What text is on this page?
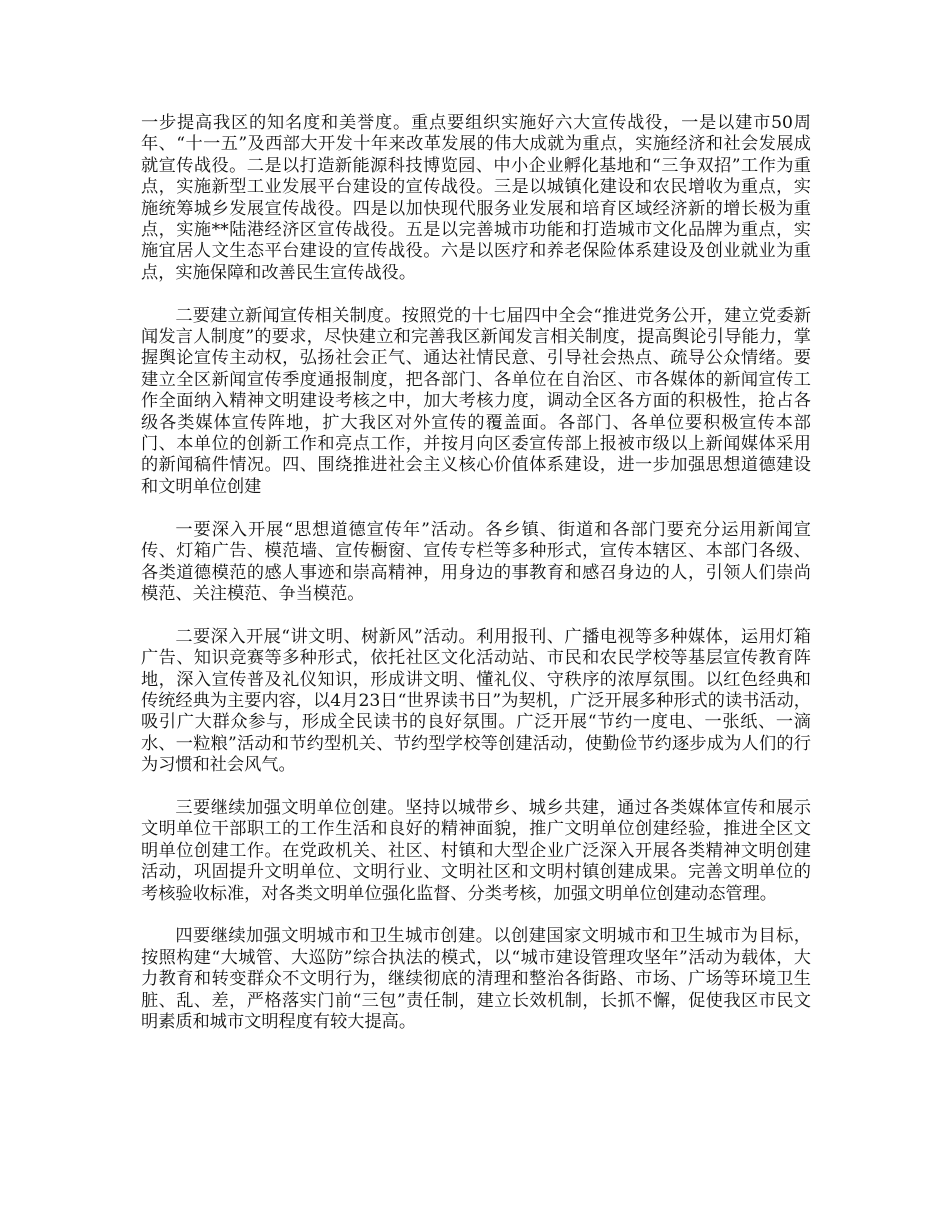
一步提高我区的知名度和美誉度。重点要组织实施好六大宣传战役，一是以建市50周年、“十一五”及西部大开发十年来改革发展的伟大成就为重点，实施经济和社会发展成就宣传战役。二是以打造新能源科技博览园、中小企业孵化基地和“三争双招”工作为重点，实施新型工业发展平台建设的宣传战役。三是以城镇化建设和农民增收为重点，实施统筹城乡发展宣传战役。四是以加快现代服务业发展和培育区域经济新的增长极为重点，实施**陆港经济区宣传战役。五是以完善城市功能和打造城市文化品牌为重点，实施宜居人文生态平台建设的宣传战役。六是以医疗和养老保险体系建设及创业就业为重点，实施保障和改善民生宣传战役。

二要建立新闻宣传相关制度。按照党的十七届四中全会“推进党务公开，建立党委新闻发言人制度”的要求，尽快建立和完善我区新闻发言相关制度，提高舆论引导能力，掌握舆论宣传主动权，弘扬社会正气、通达社情民意、引导社会热点、疏导公众情绪。要建立全区新闻宣传季度通报制度，把各部门、各单位在自治区、市各媒体的新闻宣传工作全面纳入精神文明建设考核之中，加大考核力度，调动全区各方面的积极性，抢占各级各类媒体宣传阵地，扩大我区对外宣传的覆盖面。各部门、各单位要积极宣传本部门、本单位的创新工作和亮点工作，并按月向区委宣传部上报被市级以上新闻媒体采用的新闻稿件情况。四、围绕推进社会主义核心价值体系建设，进一步加强思想道德建设和文明单位创建

一要深入开展“思想道德宣传年”活动。各乡镇、街道和各部门要充分运用新闻宣传、灯箱广告、模范墙、宣传橱窗、宣传专栏等多种形式，宣传本辖区、本部门各级、各类道德模范的感人事迹和崇高精神，用身边的事教育和感召身边的人，引领人们崇尚模范、关注模范、争当模范。

二要深入开展“讲文明、树新风”活动。利用报刊、广播电视等多种媒体，运用灯箱广告、知识竞赛等多种形式，依托社区文化活动站、市民和农民学校等基层宣传教育阵地，深入宣传普及礼仪知识，形成讲文明、懂礼仪、守秩序的浓厚氛围。以红色经典和传统经典为主要内容，以4月23日“世界读书日”为契机，广泛开展多种形式的读书活动，吸引广大群众参与，形成全民读书的良好氛围。广泛开展“节约一度电、一张纸、一滴水、一粒粮”活动和节约型机关、节约型学校等创建活动，使勤俭节约逐步成为人们的行为习惯和社会风气。

三要继续加强文明单位创建。坚持以城带乡、城乡共建，通过各类媒体宣传和展示文明单位干部职工的工作生活和良好的精神面貌，推广文明单位创建经验，推进全区文明单位创建工作。在党政机关、社区、村镇和大型企业广泛深入开展各类精神文明创建活动，巩固提升文明单位、文明行业、文明社区和文明村镇创建成果。完善文明单位的考核验收标准，对各类文明单位强化监督、分类考核，加强文明单位创建动态管理。

四要继续加强文明城市和卫生城市创建。以创建国家文明城市和卫生城市为目标，按照构建“大城管、大巡防”综合执法的模式，以“城市建设管理攻坚年”活动为载体，大力教育和转变群众不文明行为，继续彻底的清理和整治各街路、市场、广场等环境卫生脏、乱、差，严格落实门前“三包”责任制，建立长效机制，长抓不懈，促使我区市民文明素质和城市文明程度有较大提高。
